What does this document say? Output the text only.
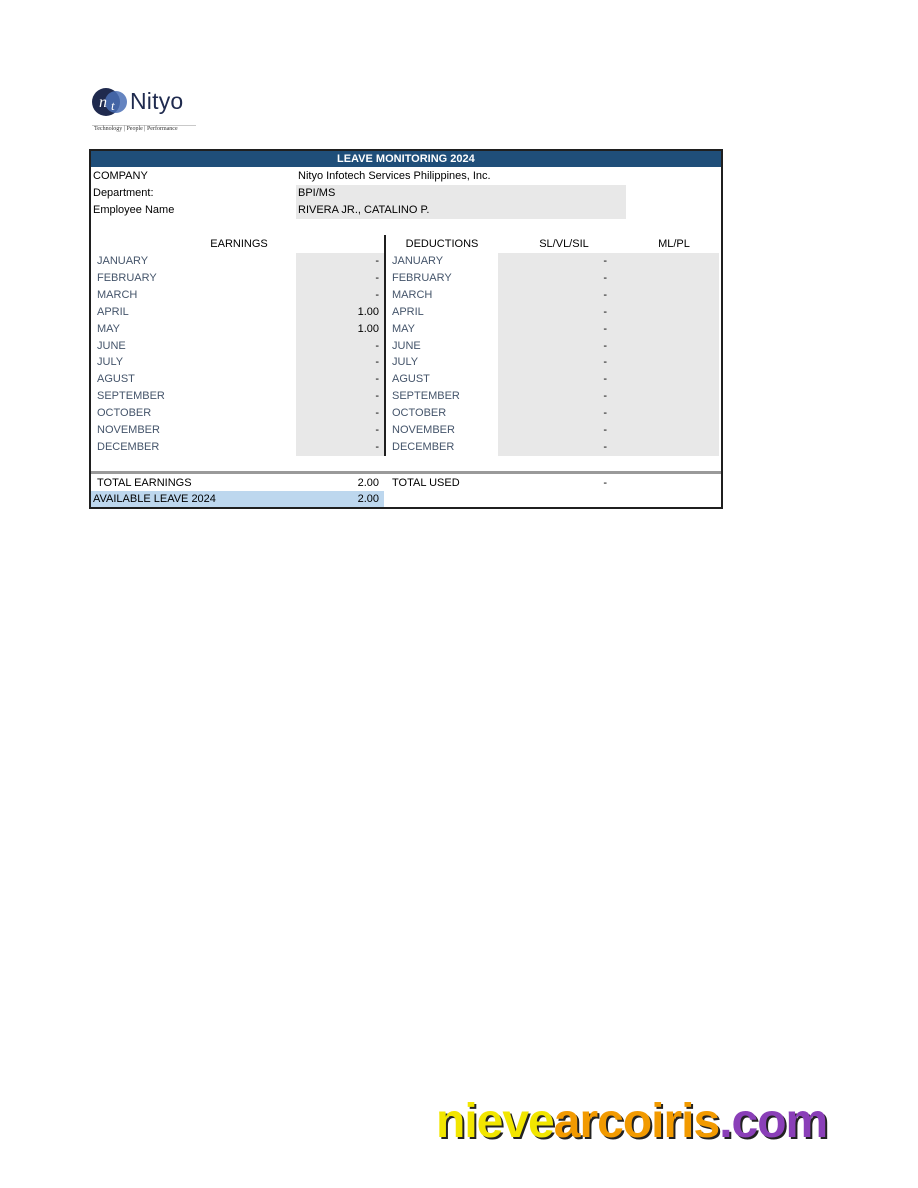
n t Nityo
Technology | People | Performance
LEAVE MONITORING 2024
COMPANY	Nityo Infotech Services Philippines, Inc.
Department:	BPI/MS
Employee Name	RIVERA JR., CATALINO P.
EARNINGS	DEDUCTIONS	SL/VL/SIL	ML/PL
JANUARY	- JANUARY	-
FEBRUARY	- FEBRUARY	-
MARCH	- MARCH	-
APRIL	1.00 APRIL	-
MAY	1.00 MAY	-
JUNE	- JUNE	-
JULY	- JULY	-
AGUST	- AGUST	-
SEPTEMBER	- SEPTEMBER	-
OCTOBER	- OCTOBER	-
NOVEMBER	- NOVEMBER	-
DECEMBER	- DECEMBER	-
TOTAL EARNINGS	2.00 TOTAL USED	-
AVAILABLE LEAVE 2024	2.00
nievearcoiris.com
